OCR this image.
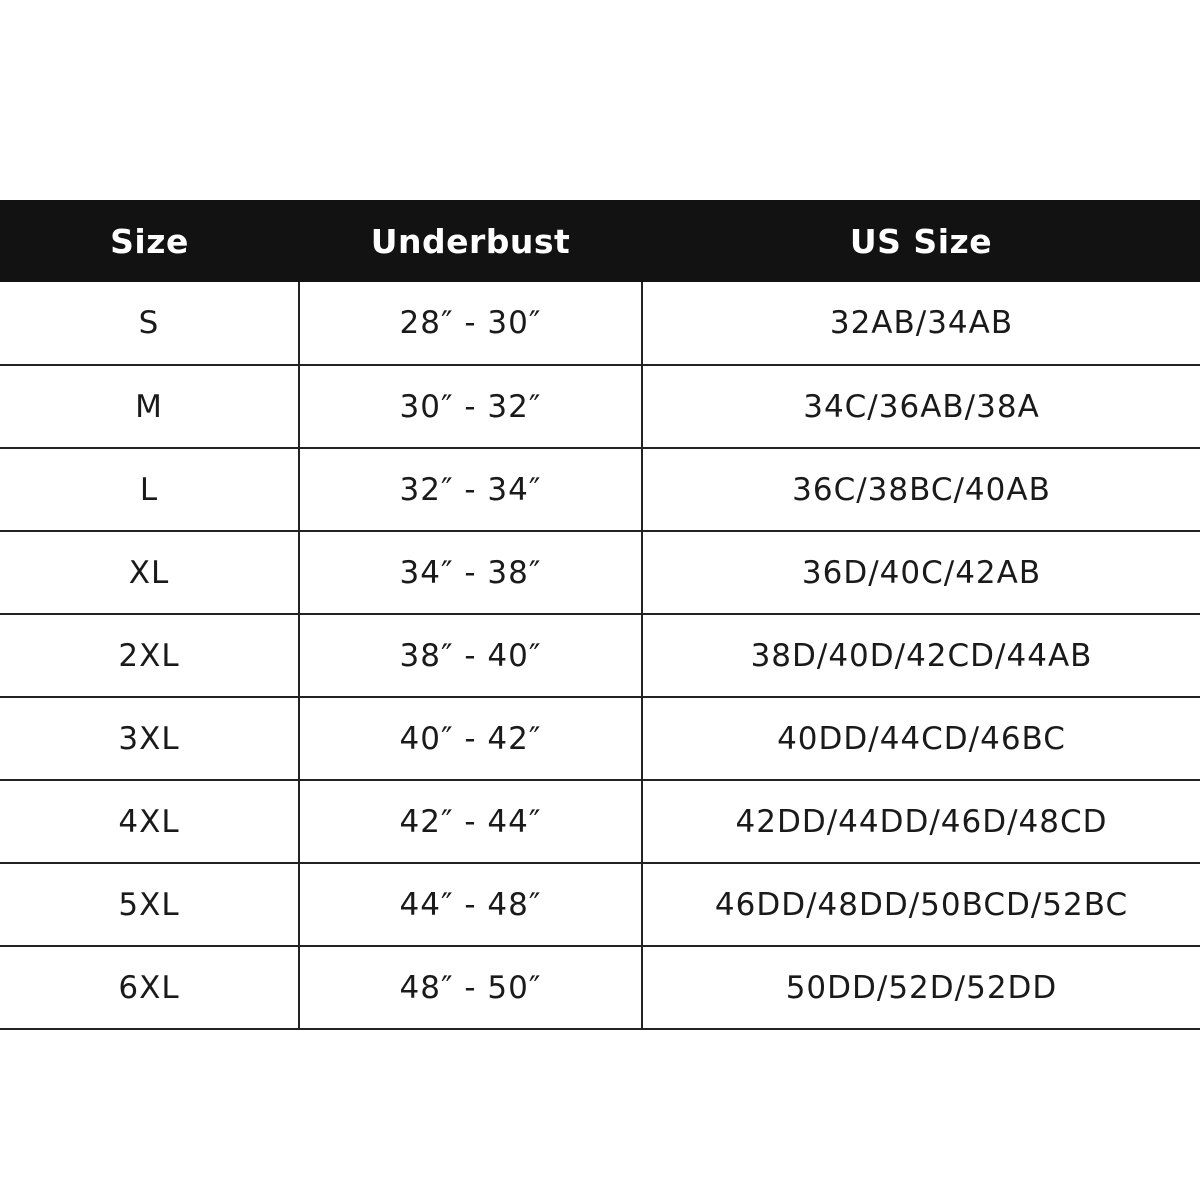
Size	Underbust	US Size
S	28″ - 30″	32AB/34AB
M	30″ - 32″	34C/36AB/38A
L	32″ - 34″	36C/38BC/40AB
XL	34″ - 38″	36D/40C/42AB
2XL	38″ - 40″	38D/40D/42CD/44AB
3XL	40″ - 42″	40DD/44CD/46BC
4XL	42″ - 44″	42DD/44DD/46D/48CD
5XL	44″ - 48″	46DD/48DD/50BCD/52BC
6XL	48″ - 50″	50DD/52D/52DD
